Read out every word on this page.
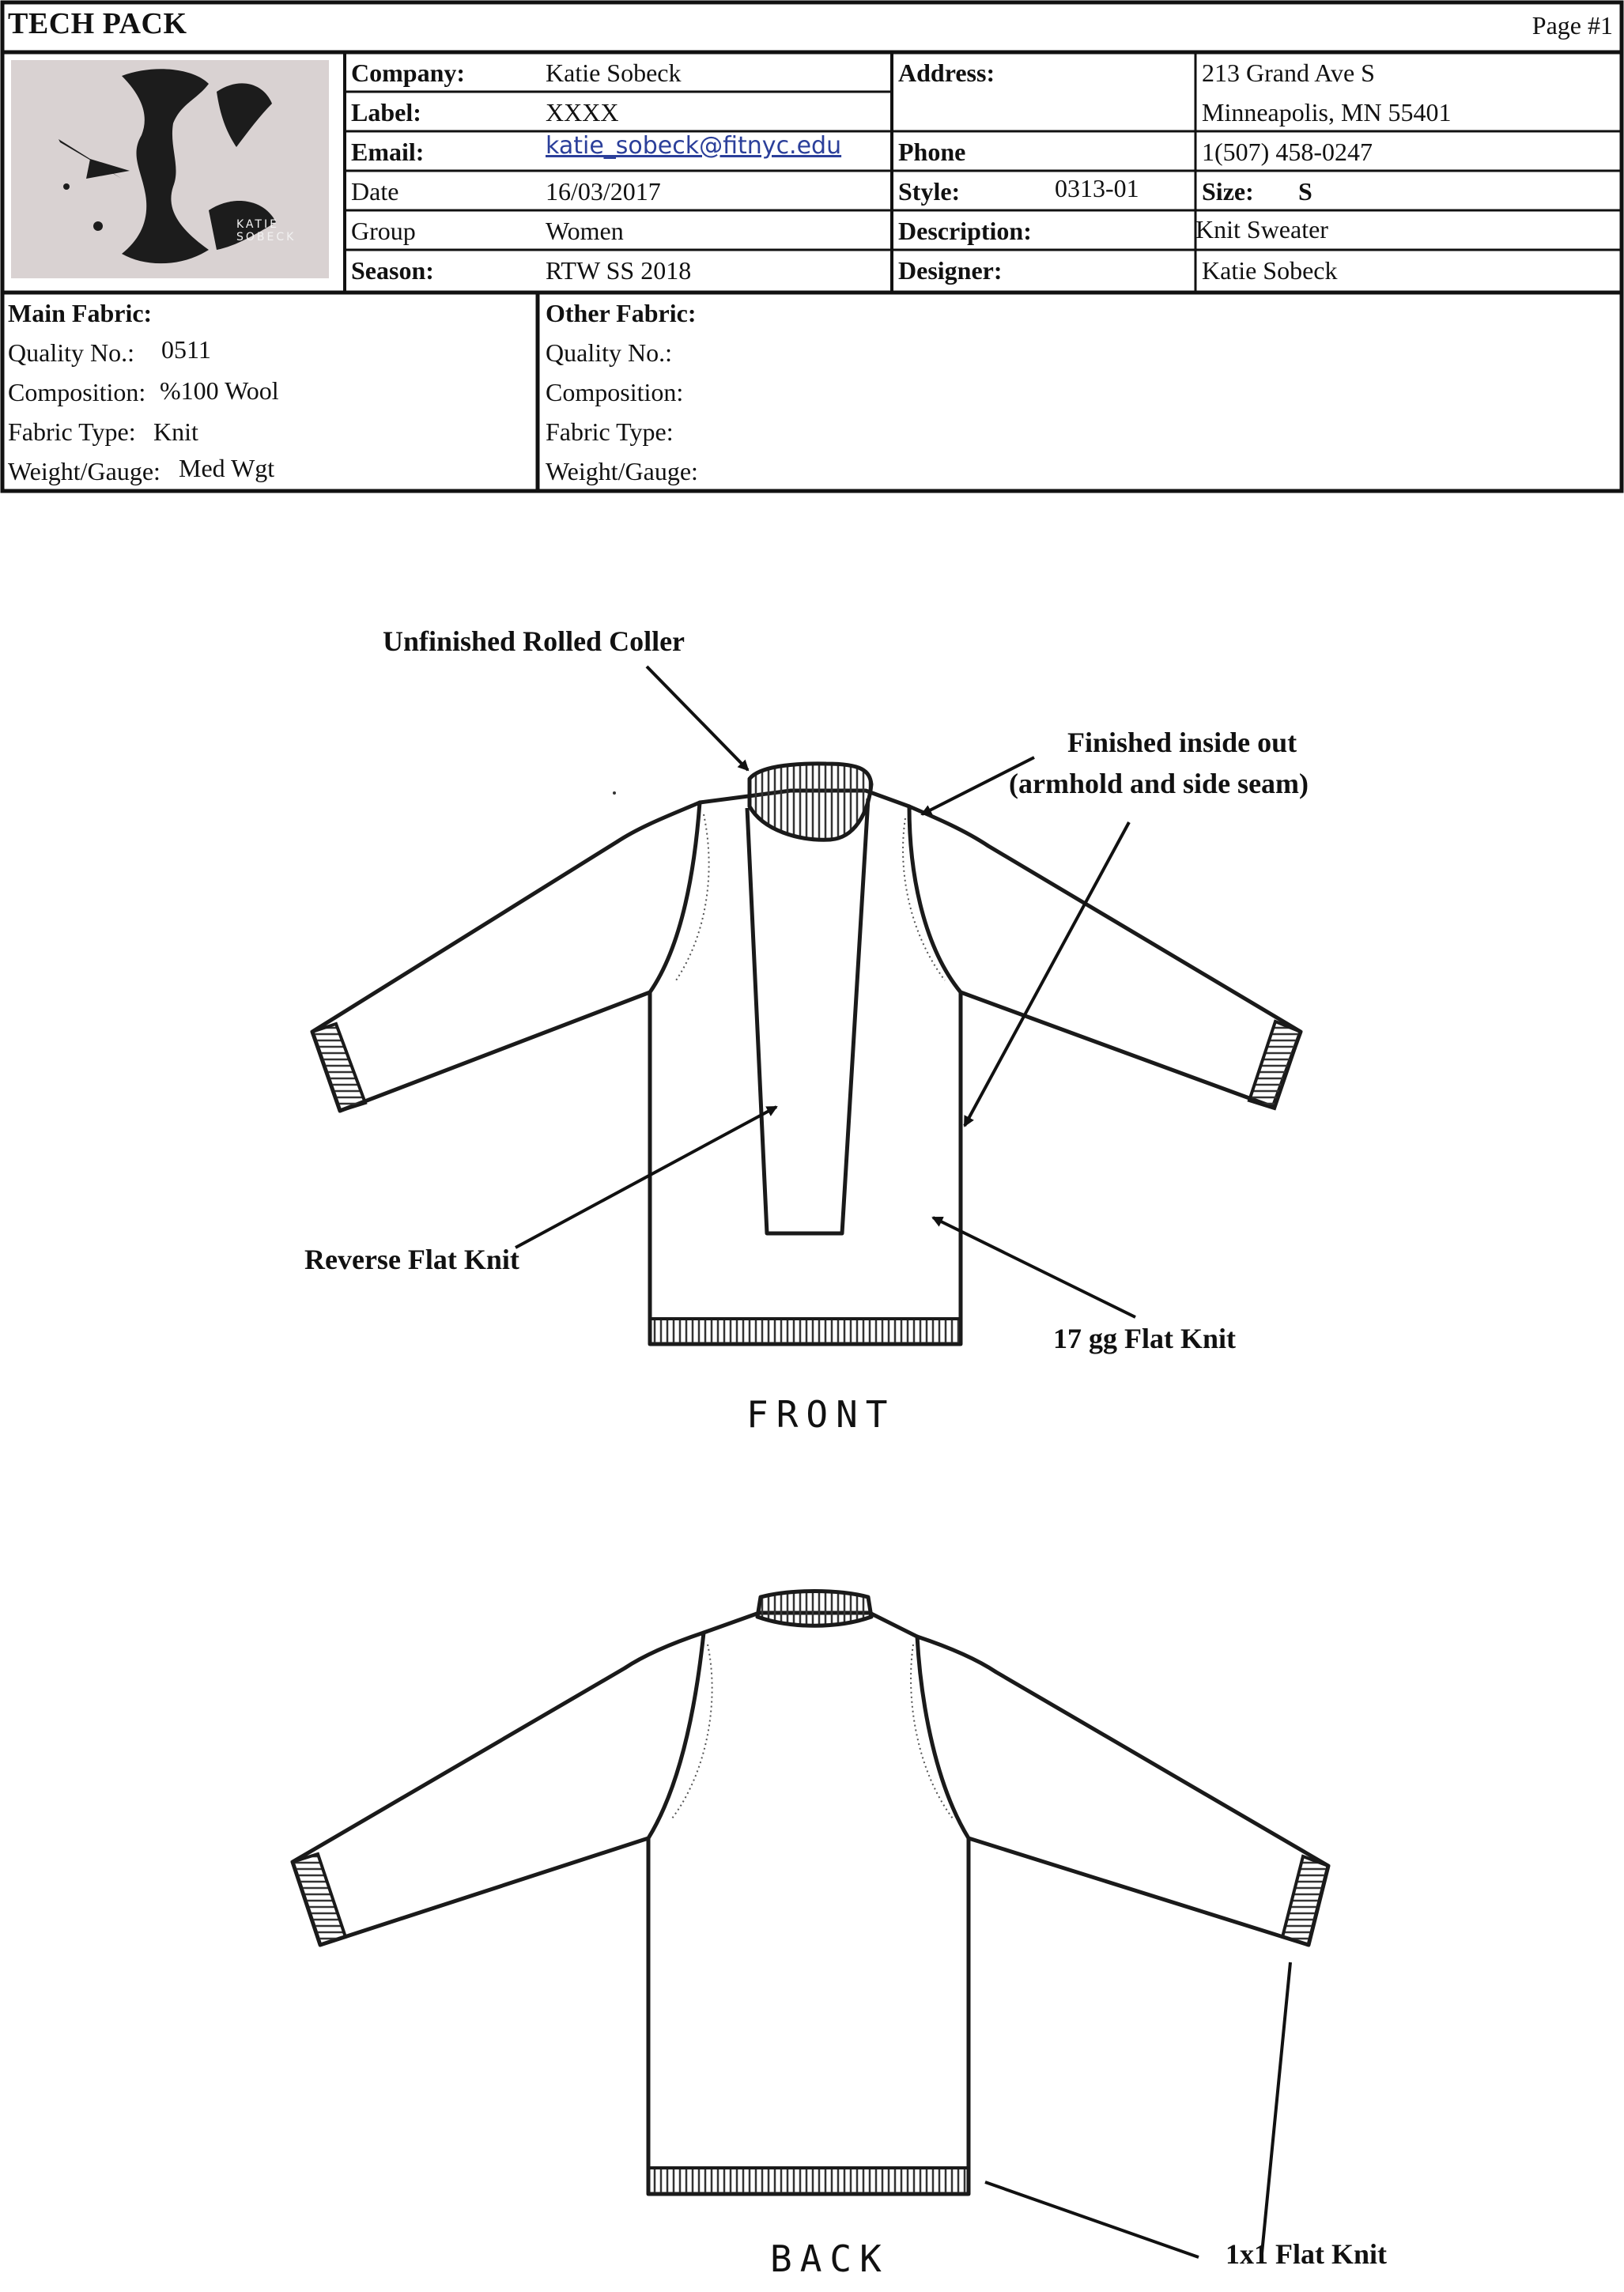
TECH PACK	Page #1
KATIE SOBECK
Company:	Katie Sobeck
Label:	XXXX
Email:	katie_sobeck@fitnyc.edu
Date	16/03/2017
Group	Women
Season:	RTW SS 2018
Address:	213 Grand Ave S
Minneapolis, MN 55401
Phone	1(507) 458-0247
Style:	0313-01 Size: S
Description:	Knit Sweater
Designer:	Katie Sobeck
Main Fabric:
Quality No.: 0511
Composition: %100 Wool
Fabric Type: Knit
Weight/Gauge: Med Wgt
Other Fabric:
Quality No.:
Composition:
Fabric Type:
Weight/Gauge:
Unfinished Rolled Coller
Finished inside out
(armhold and side seam)
Reverse Flat Knit
17 gg Flat Knit
1x1 Flat Knit
FRONT
BACK
